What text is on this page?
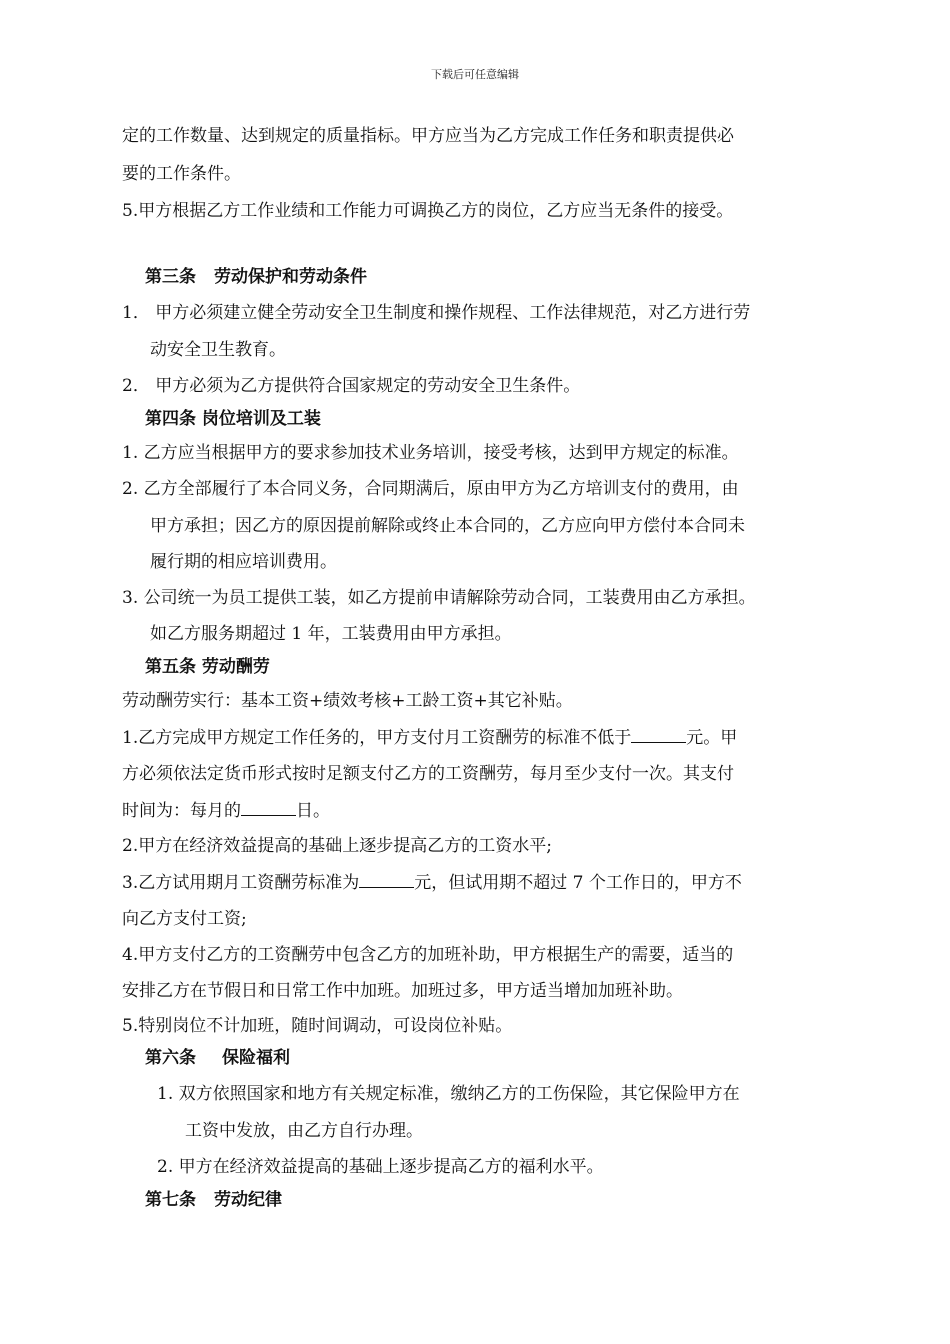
下载后可任意编辑
定的工作数量、达到规定的质量指标。甲方应当为乙方完成工作任务和职责提供必
要的工作条件。
5.甲方根据乙方工作业绩和工作能力可调换乙方的岗位，乙方应当无条件的接受。
第三条 劳动保护和劳动条件
1． 甲方必须建立健全劳动安全卫生制度和操作规程、工作法律规范，对乙方进行劳
动安全卫生教育。
2． 甲方必须为乙方提供符合国家规定的劳动安全卫生条件。
第四条 岗位培训及工装
1. 乙方应当根据甲方的要求参加技术业务培训，接受考核，达到甲方规定的标准。
2. 乙方全部履行了本合同义务，合同期满后，原由甲方为乙方培训支付的费用，由
甲方承担；因乙方的原因提前解除或终止本合同的，乙方应向甲方偿付本合同未
履行期的相应培训费用。
3. 公司统一为员工提供工装，如乙方提前申请解除劳动合同，工装费用由乙方承担。
如乙方服务期超过 1 年，工装费用由甲方承担。
第五条 劳动酬劳
劳动酬劳实行：基本工资+绩效考核+工龄工资+其它补贴。
1.乙方完成甲方规定工作任务的，甲方支付月工资酬劳的标准不低于	元。甲
方必须依法定货币形式按时足额支付乙方的工资酬劳，每月至少支付一次。其支付
时间为：每月的	日。
2.甲方在经济效益提高的基础上逐步提高乙方的工资水平;
3.乙方试用期月工资酬劳标准为	元，但试用期不超过 7 个工作日的，甲方不
向乙方支付工资;
4.甲方支付乙方的工资酬劳中包含乙方的加班补助，甲方根据生产的需要，适当的
安排乙方在节假日和日常工作中加班。加班过多，甲方适当增加加班补助。
5.特别岗位不计加班，随时间调动，可设岗位补贴。
第六条 保险福利
1. 双方依照国家和地方有关规定标准，缴纳乙方的工伤保险，其它保险甲方在
工资中发放，由乙方自行办理。
2. 甲方在经济效益提高的基础上逐步提高乙方的福利水平。
第七条 劳动纪律
